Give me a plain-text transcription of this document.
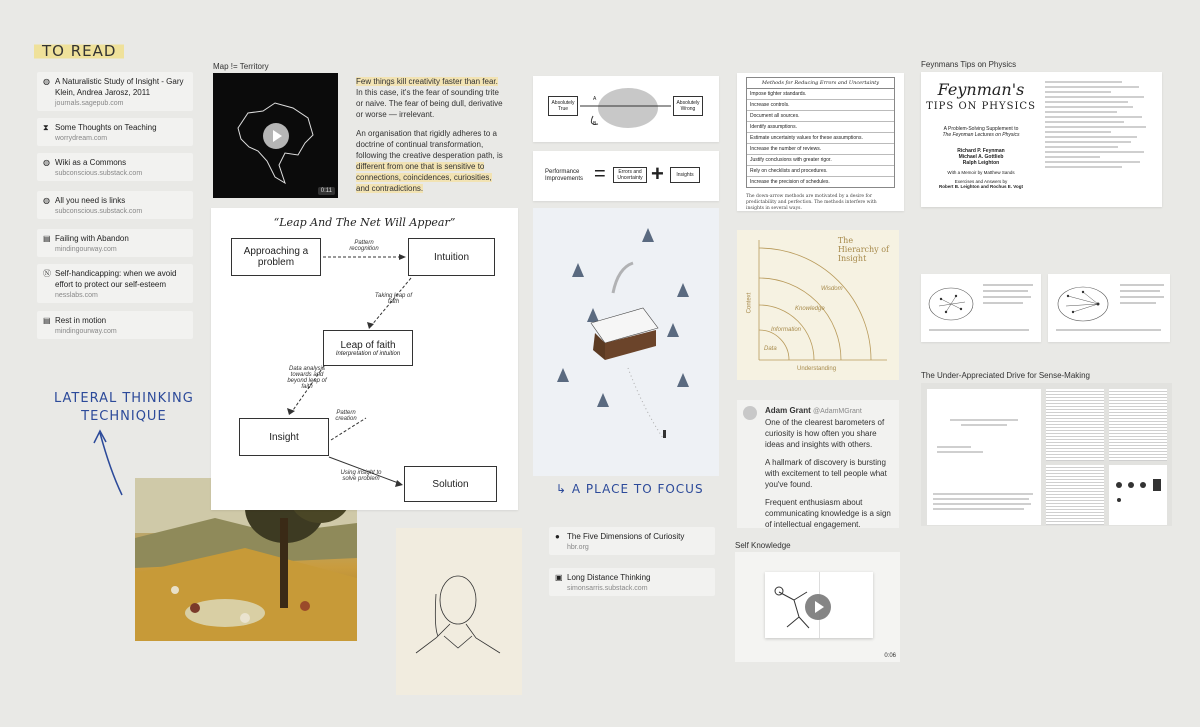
TO READ
◍ A Naturalistic Study of Insight - Gary Klein, Andrea Jarosz, 2011
journals.sagepub.com
⧗ Some Thoughts on Teaching
worrydream.com
◍ Wiki as a Commons
subconscious.substack.com
◍ All you need is links
subconscious.substack.com
▤ Failing with Abandon
mindingourway.com
Ⓝ Self-handicapping: when we avoid effort to protect our self-esteem
nesslabs.com
▤ Rest in motion
mindingourway.com
LATERAL THINKING
TECHNIQUE
Map != Territory
0:11

Few things kill creativity faster than fear. In this case, it's the fear of sounding trite or naive. The fear of being dull, derivative or worse — irrelevant.

An organisation that rigidly adheres to a doctrine of continual transformation, following the creative desperation path, is different from one that is sensitive to connections, coincidences, curiosities, and contradictions.

“Leap And The Net Will Appear”
Approaching a problem	Intuition
Leap of faith
Interpretation of intuition
Insight
Solution
Pattern recognition
Taking leap of faith
Data analysis towards and beyond leap of faith
Pattern creation
Using insight to solve problem
Absolutely True
Absolutely Wrong
A
B
Performance Improvements =	Errors and Uncertainty +	Insights
↳ A PLACE TO FOCUS
● The Five Dimensions of Curiosity
hbr.org
▣ Long Distance Thinking
simonsarris.substack.com
Methods for Reducing Errors and Uncertainty
Impose tighter standards.
Increase controls.
Document all sources.
Identify assumptions.
Estimate uncertainty values for these assumptions.
Increase the number of reviews.
Justify conclusions with greater rigor.
Rely on checklists and procedures.
Increase the precision of schedules.
The down-arrow methods are motivated by a desire for predictability and perfection. The methods interfere with insights in several ways.
The
Hierarchy of
Insight
Data
Information
Knowledge
Wisdom
Understanding
Context
Adam Grant @AdamMGrant
One of the clearest barometers of curiosity is how often you share ideas and insights with others.
A hallmark of discovery is bursting with excitement to tell people what you've found.
Frequent enthusiasm about communicating knowledge is a sign of intellectual engagement.
Self Knowledge
0:06
Feynmans Tips on Physics
Feynman's
TIPS ON PHYSICS
A Problem-Solving Supplement to
The Feynman Lectures on Physics
Richard P. Feynman
Michael A. Gottlieb
Ralph Leighton
With a Memoir by Matthew Sands
Exercises and Answers by
Robert B. Leighton and Rochus E. Vogt
The Under-Appreciated Drive for Sense-Making
